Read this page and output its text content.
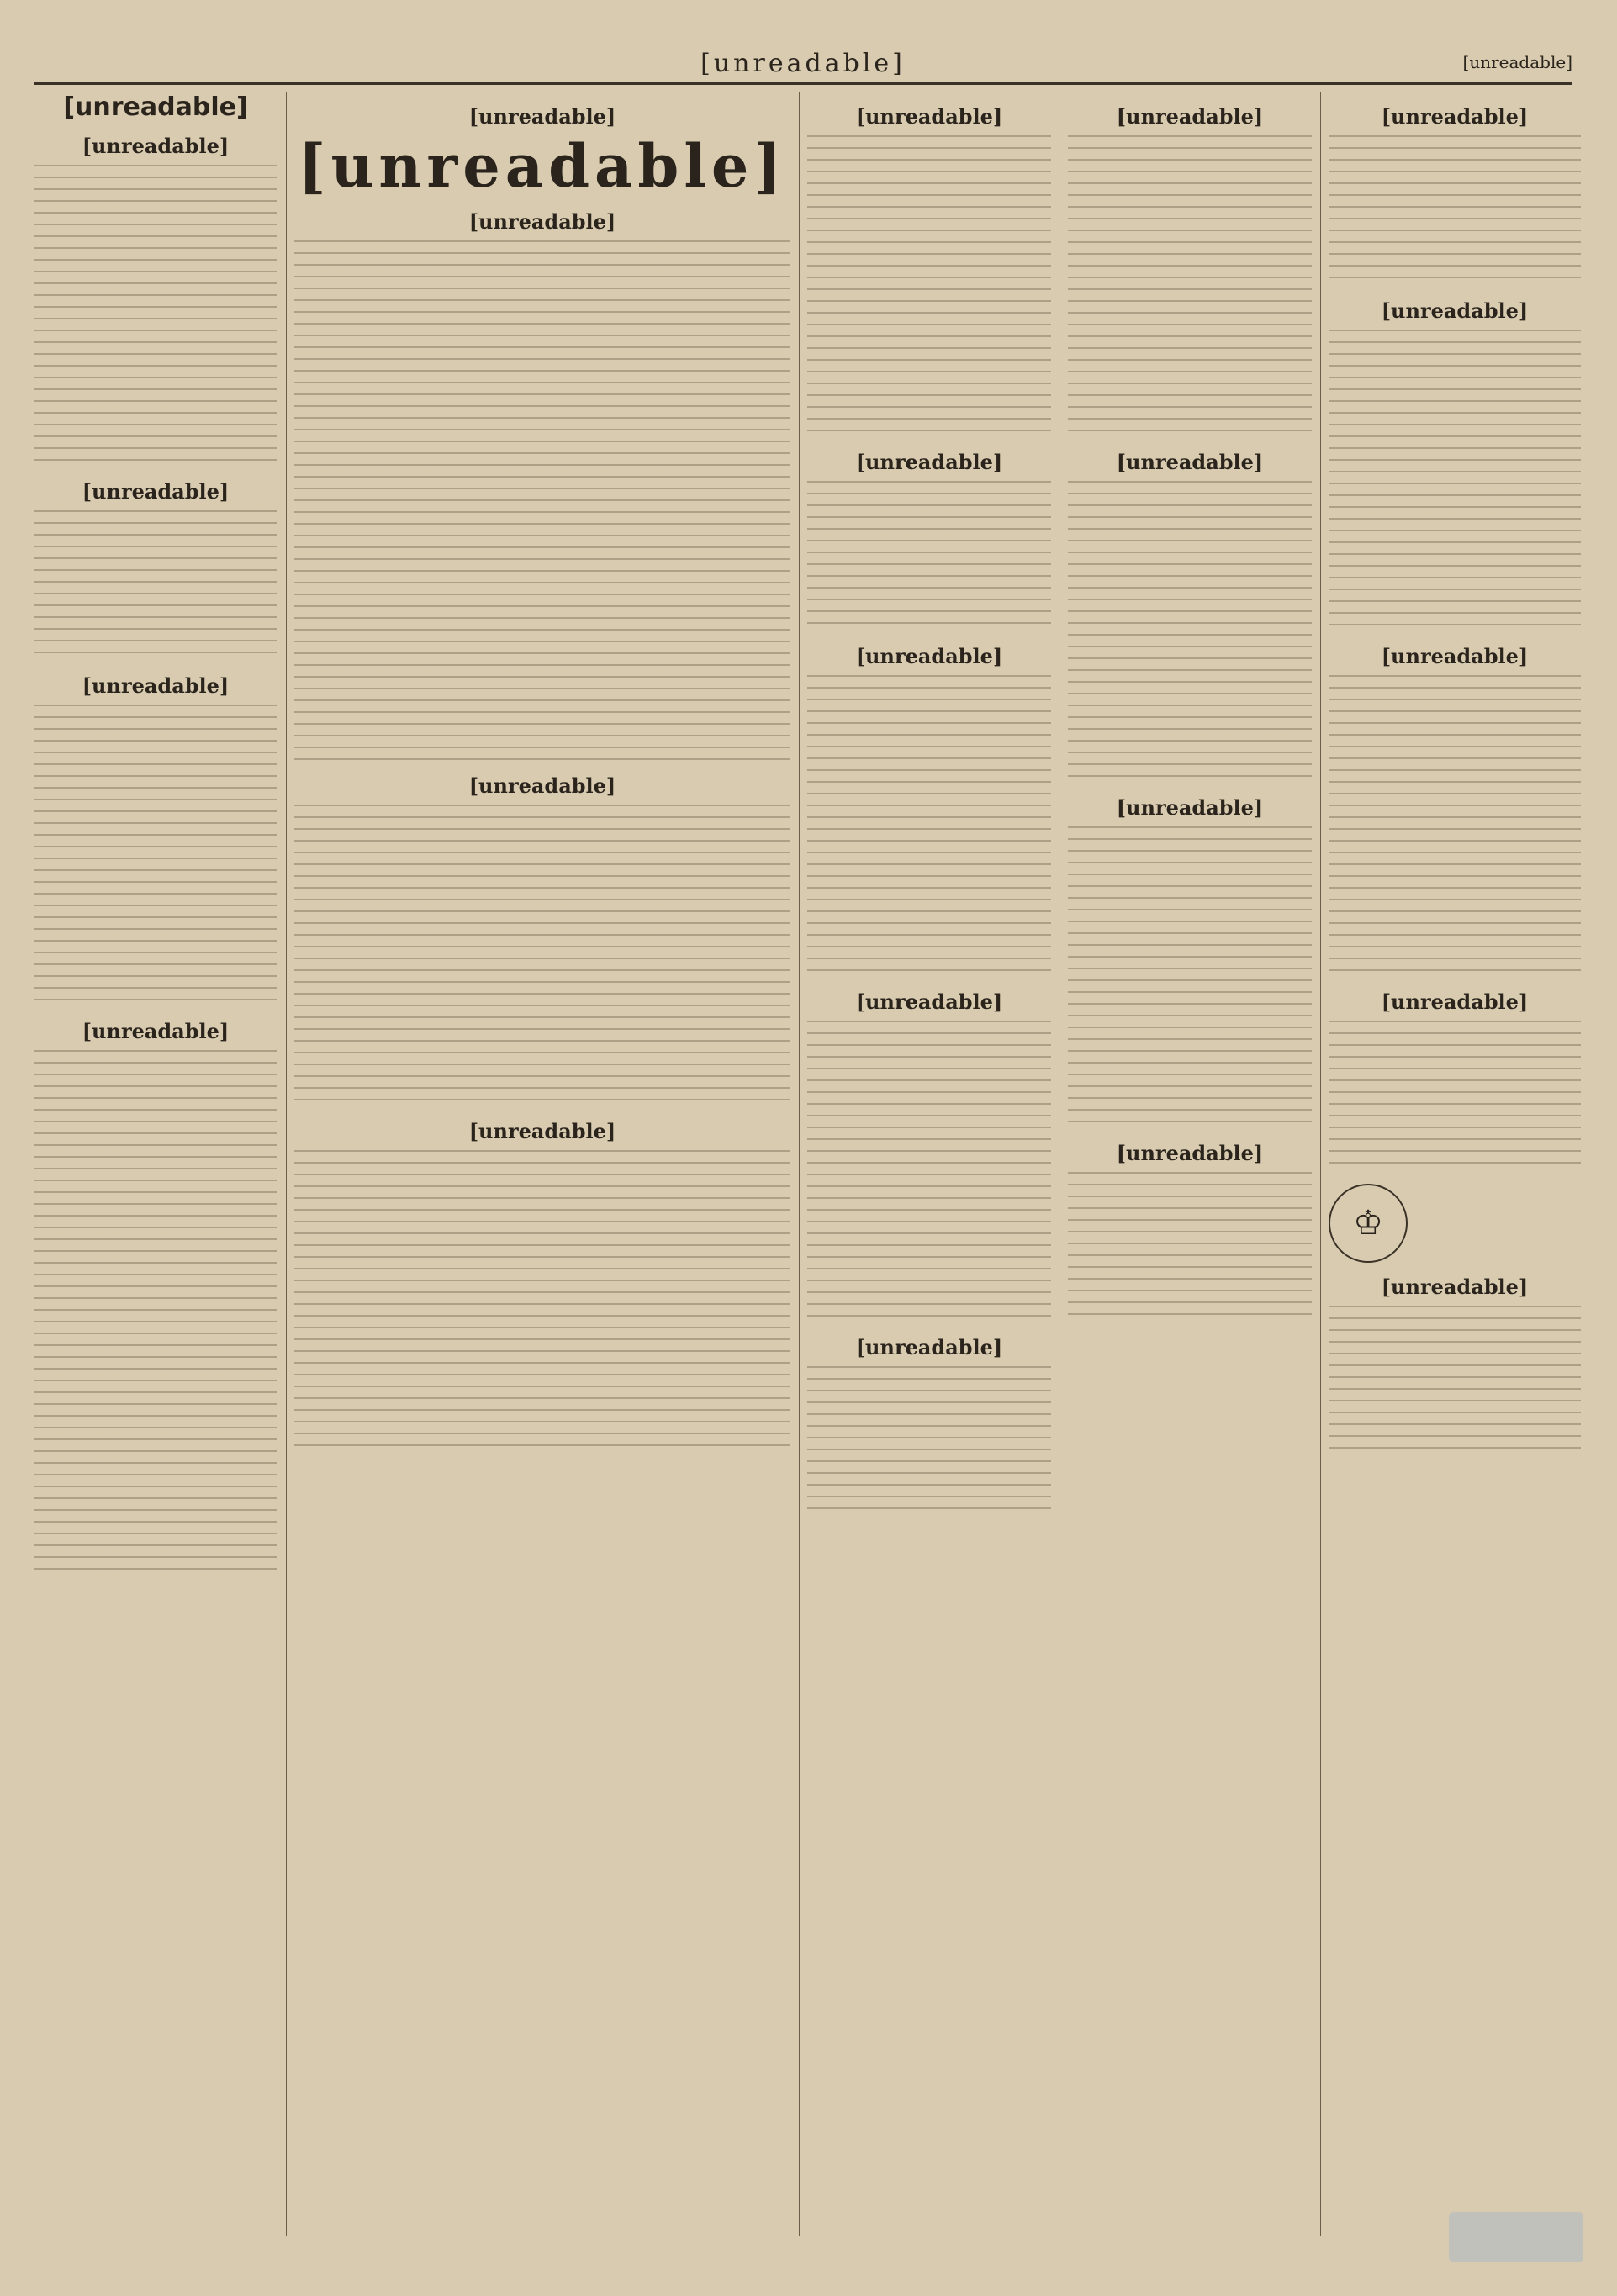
[unreadable]	[unreadable]
[unreadable]
[unreadable]
[unreadable]
[unreadable]
[unreadable]
[unreadable]
[unreadable]
[unreadable]
[unreadable]
[unreadable]
[unreadable]
[unreadable]
[unreadable]
[unreadable]
[unreadable]
[unreadable]
[unreadable]
[unreadable]
[unreadable]
[unreadable]
[unreadable]
[unreadable]
[unreadable]
♔
[unreadable]
